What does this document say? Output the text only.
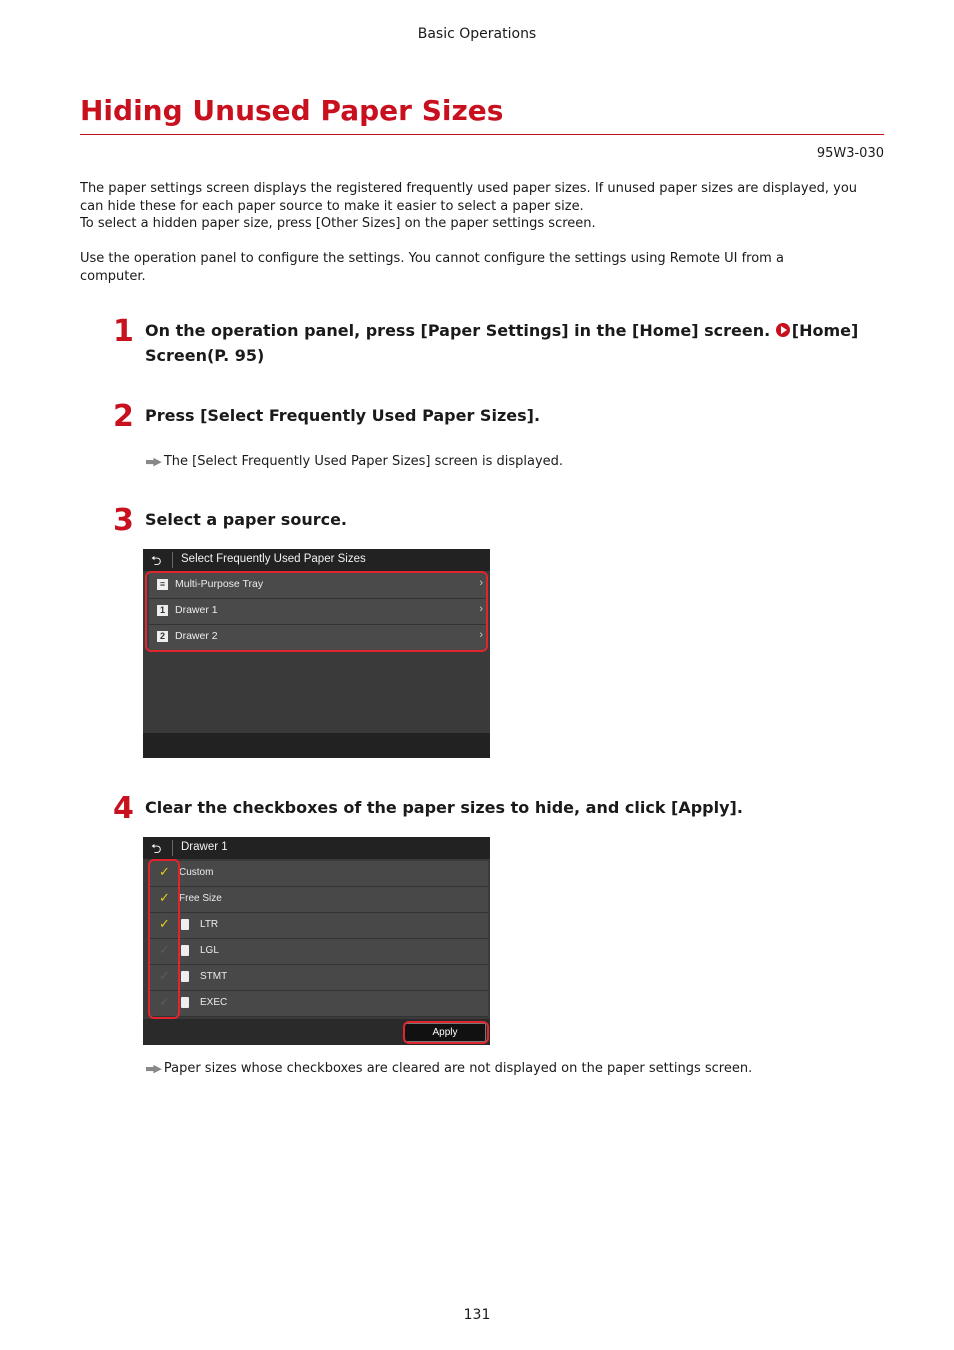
Basic Operations
Hiding Unused Paper Sizes
95W3-030
The paper settings screen displays the registered frequently used paper sizes. If unused paper sizes are displayed, you
can hide these for each paper source to make it easier to select a paper size.
To select a hidden paper size, press [Other Sizes] on the paper settings screen.
Use the operation panel to configure the settings. You cannot configure the settings using Remote UI from a
computer.
1 On the operation panel, press [Paper Settings] in the [Home] screen. [Home]
Screen(P. 95)
2 Press [Select Frequently Used Paper Sizes].
▬▶ The [Select Frequently Used Paper Sizes] screen is displayed.
3 Select a paper source.
⮌ Select Frequently Used Paper Sizes
≡ Multi-Purpose Tray	›
1 Drawer 1	›
2 Drawer 2	›
4 Clear the checkboxes of the paper sizes to hide, and click [Apply].
⮌ Drawer 1
✓ Custom
✓ Free Size
✓	LTR
✓	LGL
✓	STMT
✓	EXEC
Apply
▬▶ Paper sizes whose checkboxes are cleared are not displayed on the paper settings screen.
131
